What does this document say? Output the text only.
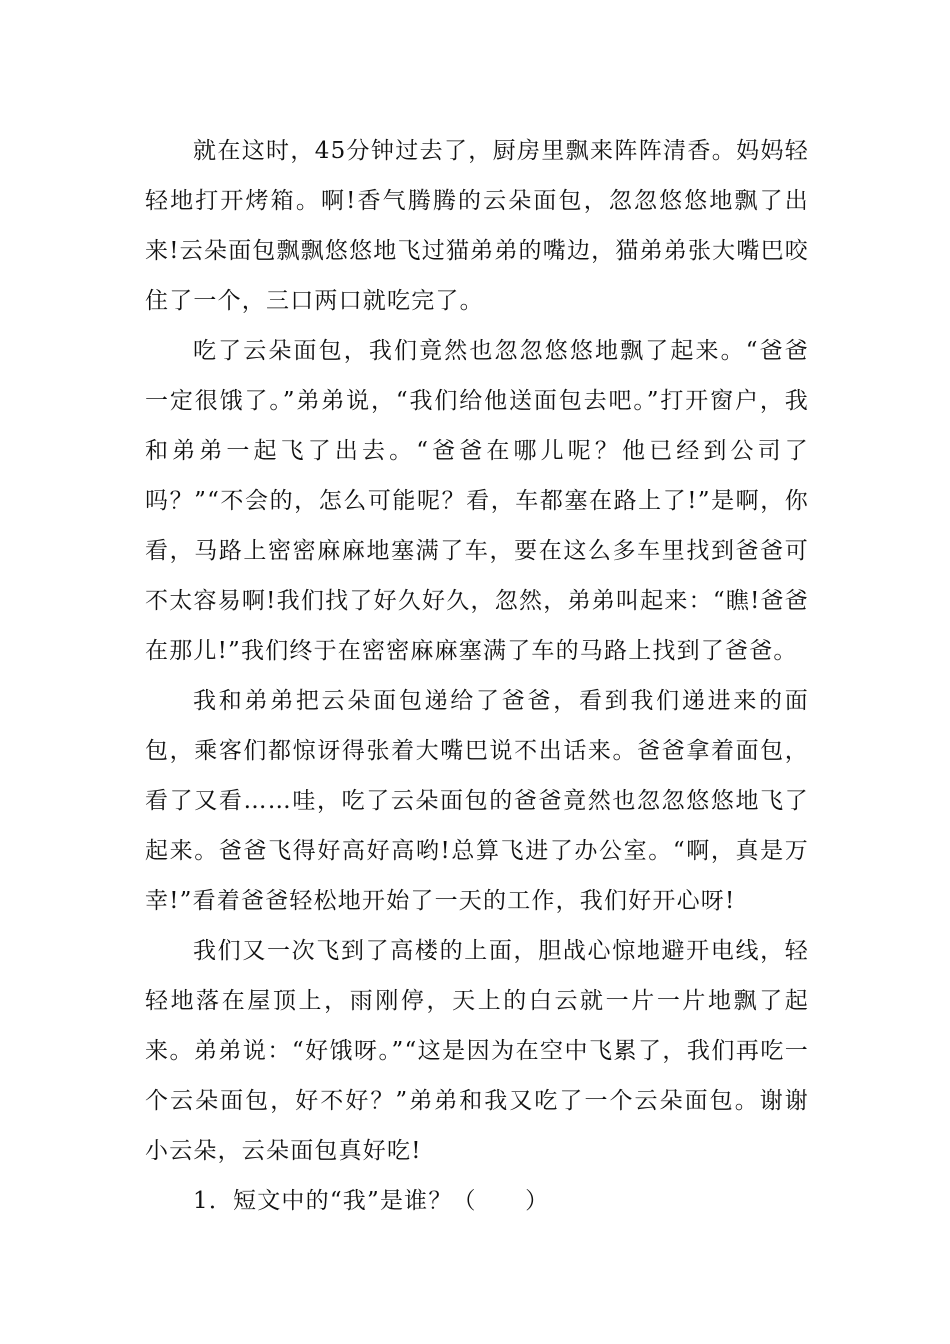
就在这时，45分钟过去了，厨房里飘来阵阵清香。妈妈轻轻地打开烤箱。啊!香气腾腾的云朵面包，忽忽悠悠地飘了出来!云朵面包飘飘悠悠地飞过猫弟弟的嘴边，猫弟弟张大嘴巴咬住了一个，三口两口就吃完了。

吃了云朵面包，我们竟然也忽忽悠悠地飘了起来。“爸爸一定很饿了。”弟弟说，“我们给他送面包去吧。”打开窗户，我和弟弟一起飞了出去。“爸爸在哪儿呢？他已经到公司了吗？”“不会的，怎么可能呢？看，车都塞在路上了!”是啊，你看，马路上密密麻麻地塞满了车，要在这么多车里找到爸爸可不太容易啊!我们找了好久好久，忽然，弟弟叫起来：“瞧!爸爸在那儿!”我们终于在密密麻麻塞满了车的马路上找到了爸爸。

我和弟弟把云朵面包递给了爸爸，看到我们递进来的面包，乘客们都惊讶得张着大嘴巴说不出话来。爸爸拿着面包，看了又看……哇，吃了云朵面包的爸爸竟然也忽忽悠悠地飞了起来。爸爸飞得好高好高哟!总算飞进了办公室。“啊，真是万幸!”看着爸爸轻松地开始了一天的工作，我们好开心呀!

我们又一次飞到了高楼的上面，胆战心惊地避开电线，轻轻地落在屋顶上，雨刚停，天上的白云就一片一片地飘了起来。弟弟说：“好饿呀。”“这是因为在空中飞累了，我们再吃一个云朵面包，好不好？”弟弟和我又吃了一个云朵面包。谢谢小云朵，云朵面包真好吃!

1．短文中的“我”是谁？（　　）
